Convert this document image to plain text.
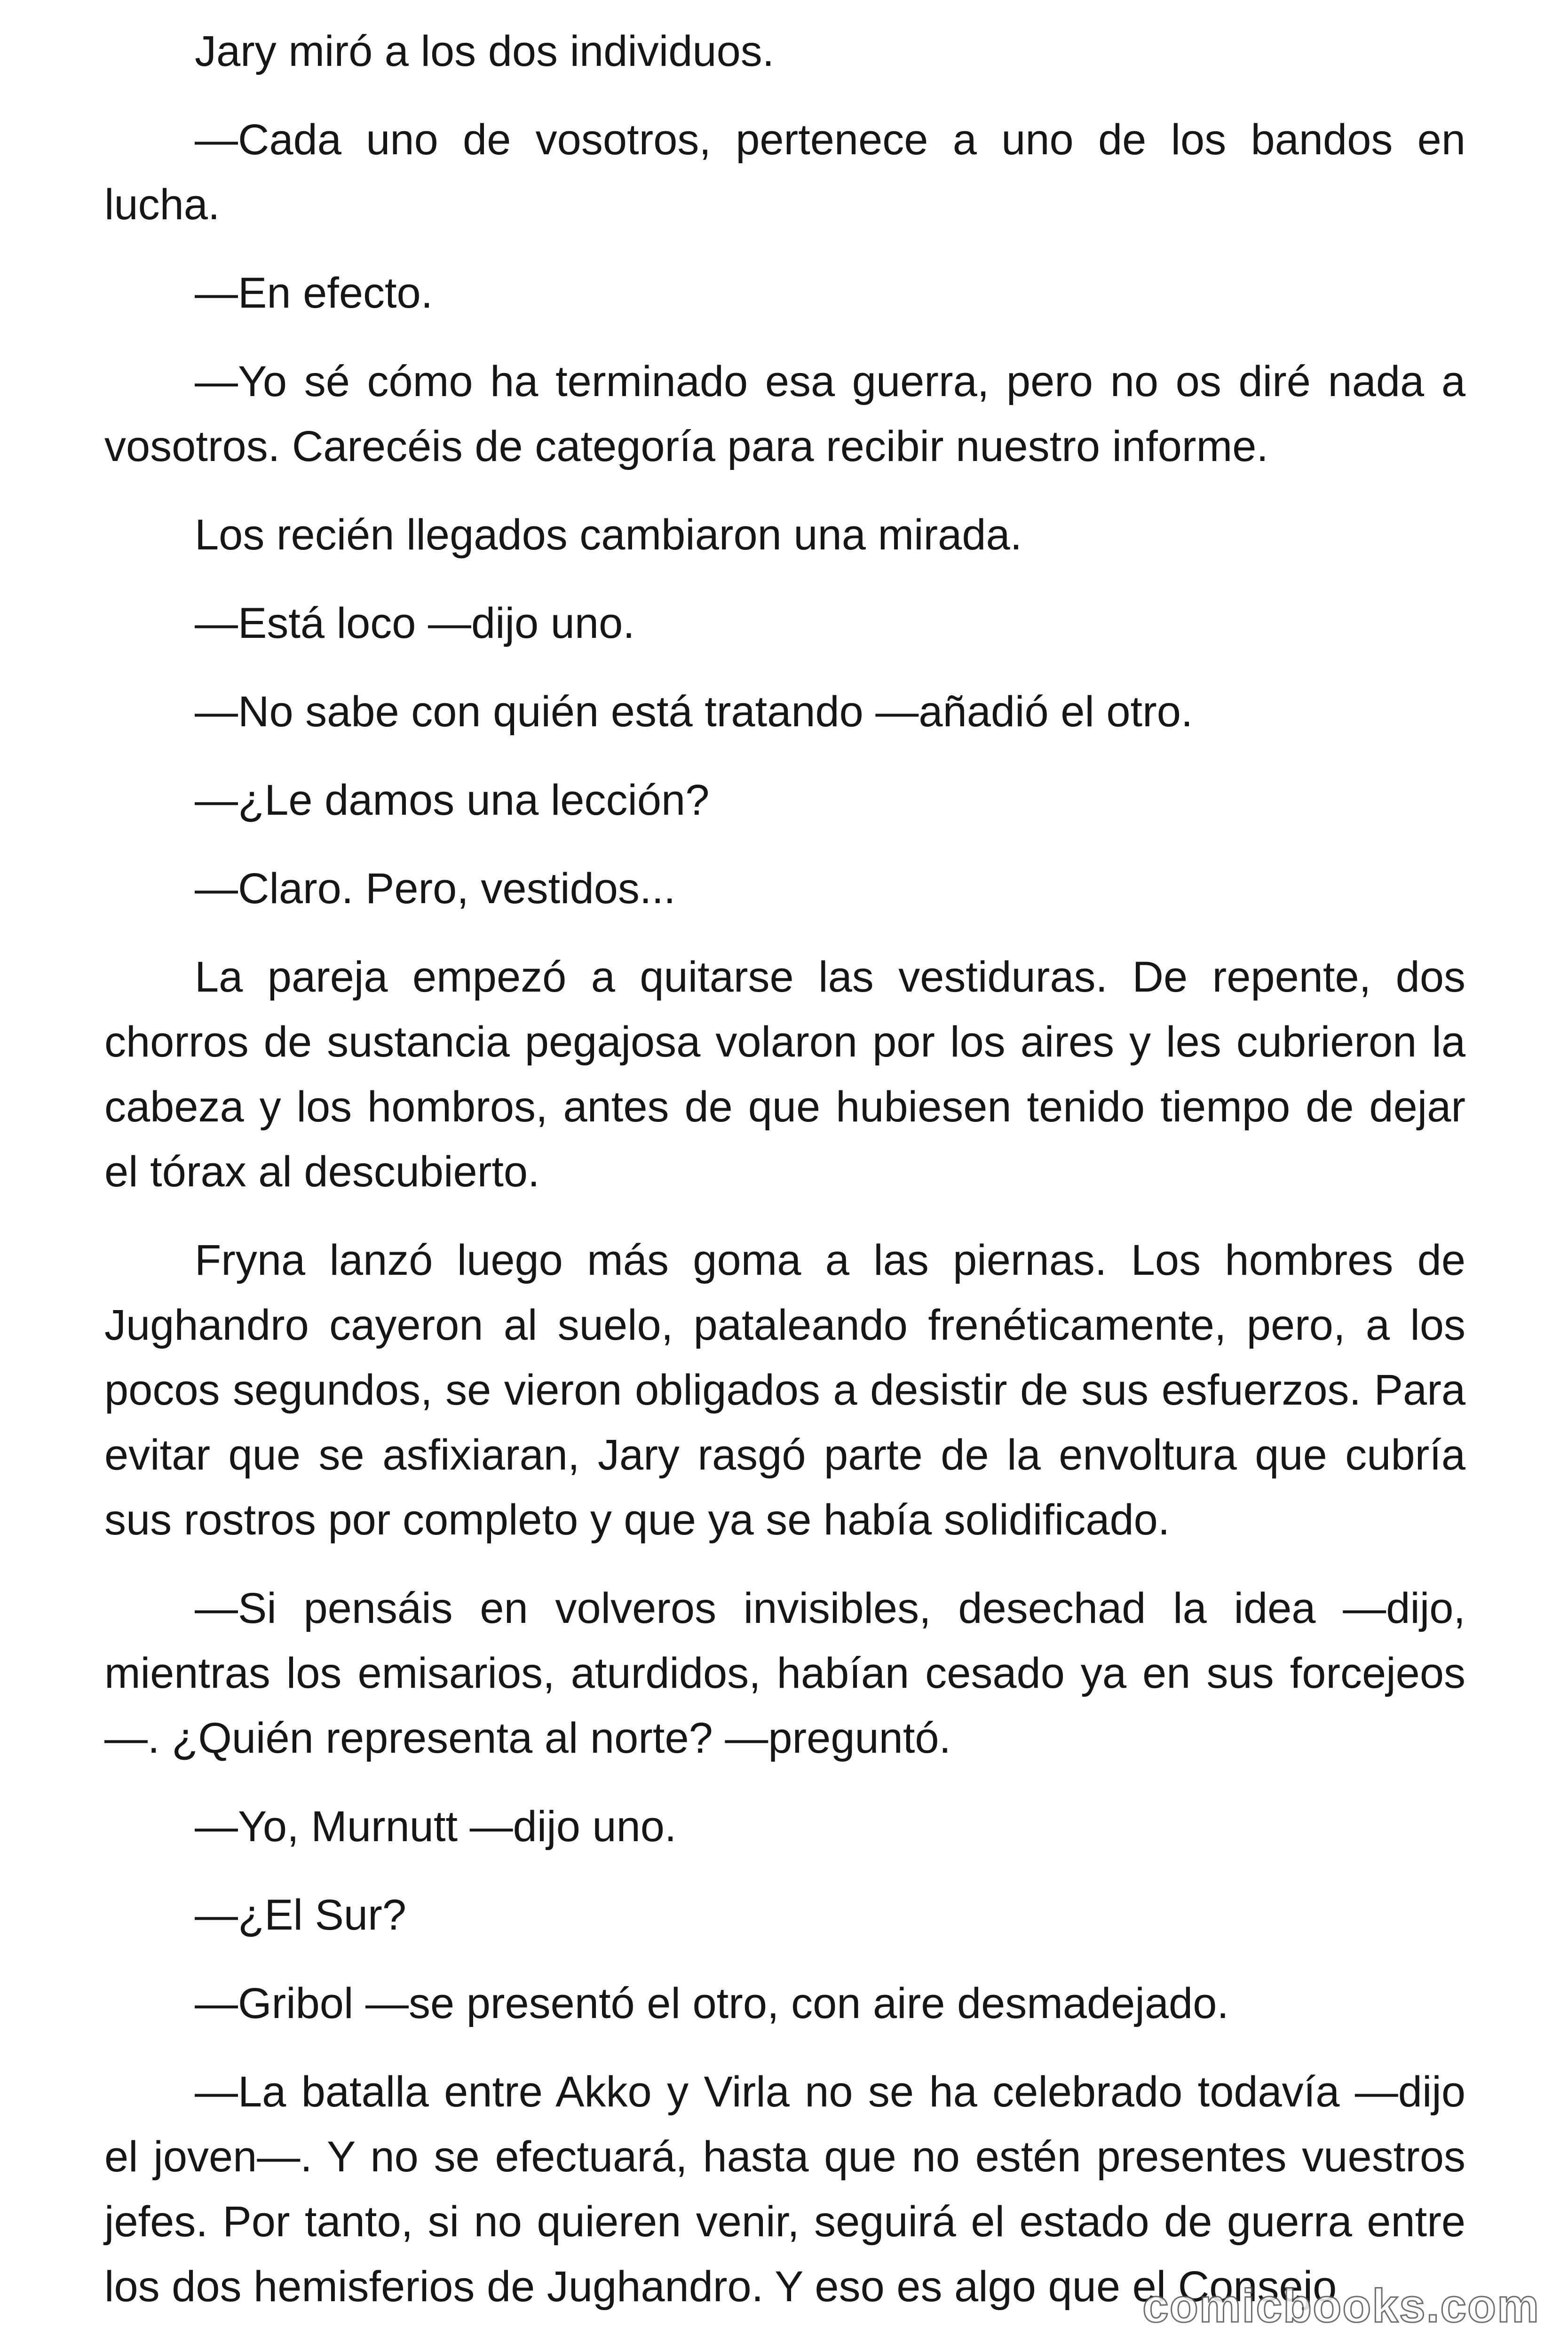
Jary miró a los dos individuos.

—Cada uno de vosotros, pertenece a uno de los bandos en lucha.

—En efecto.

—Yo sé cómo ha terminado esa guerra, pero no os diré nada a vosotros. Carecéis de categoría para recibir nuestro informe.

Los recién llegados cambiaron una mirada.

—Está loco —dijo uno.

—No sabe con quién está tratando —añadió el otro.

—¿Le damos una lección?

—Claro. Pero, vestidos...

La pareja empezó a quitarse las vestiduras. De repente, dos chorros de sustancia pegajosa volaron por los aires y les cubrieron la cabeza y los hombros, antes de que hubiesen tenido tiempo de dejar el tórax al descubierto.

Fryna lanzó luego más goma a las piernas. Los hombres de Jughandro cayeron al suelo, pataleando frenéticamente, pero, a los pocos segundos, se vieron obligados a desistir de sus esfuerzos. Para evitar que se asfixiaran, Jary rasgó parte de la envoltura que cubría sus rostros por completo y que ya se había solidificado.

—Si pensáis en volveros invisibles, desechad la idea —dijo, mientras los emisarios, aturdidos, habían cesado ya en sus forcejeos —. ¿Quién representa al norte? —preguntó.

—Yo, Murnutt —dijo uno.

—¿El Sur?

—Gribol —se presentó el otro, con aire desmadejado.

—La batalla entre Akko y Virla no se ha celebrado todavía —dijo el joven—. Y no se efectuará, hasta que no estén presentes vuestros jefes. Por tanto, si no quieren venir, seguirá el estado de guerra entre los dos hemisferios de Jughandro. Y eso es algo que el Consejo

comicbooks.com
